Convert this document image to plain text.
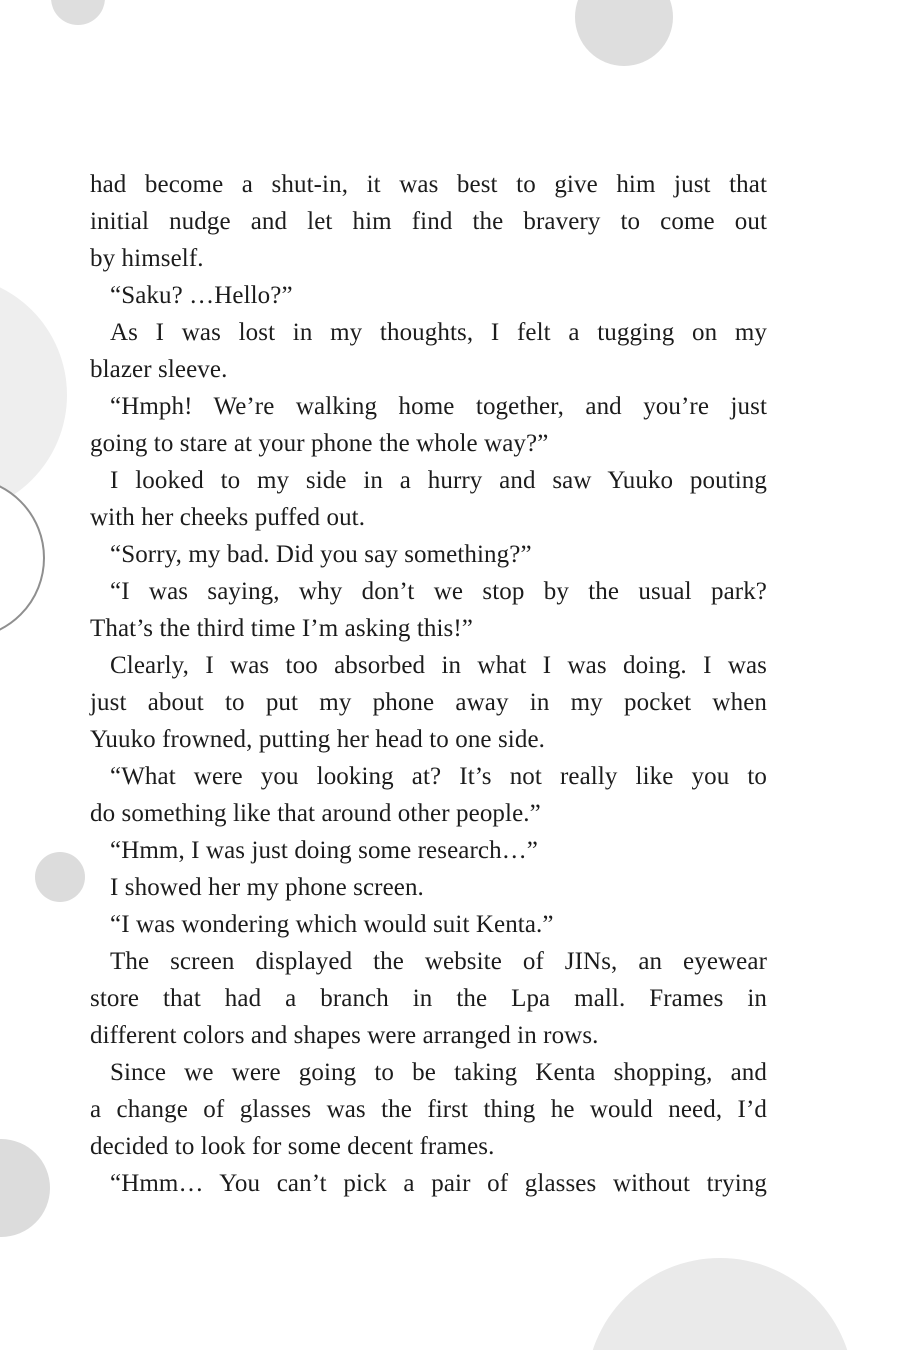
had become a shut-in, it was best to give him just that
initial nudge and let him find the bravery to come out
by himself.
“Saku? …Hello?”
As I was lost in my thoughts, I felt a tugging on my
blazer sleeve.
“Hmph! We’re walking home together, and you’re just
going to stare at your phone the whole way?”
I looked to my side in a hurry and saw Yuuko pouting
with her cheeks puffed out.
“Sorry, my bad. Did you say something?”
“I was saying, why don’t we stop by the usual park?
That’s the third time I’m asking this!”
Clearly, I was too absorbed in what I was doing. I was
just about to put my phone away in my pocket when
Yuuko frowned, putting her head to one side.
“What were you looking at? It’s not really like you to
do something like that around other people.”
“Hmm, I was just doing some research…”
I showed her my phone screen.
“I was wondering which would suit Kenta.”
The screen displayed the website of JINs, an eyewear
store that had a branch in the Lpa mall. Frames in
different colors and shapes were arranged in rows.
Since we were going to be taking Kenta shopping, and
a change of glasses was the first thing he would need, I’d
decided to look for some decent frames.
“Hmm… You can’t pick a pair of glasses without trying
